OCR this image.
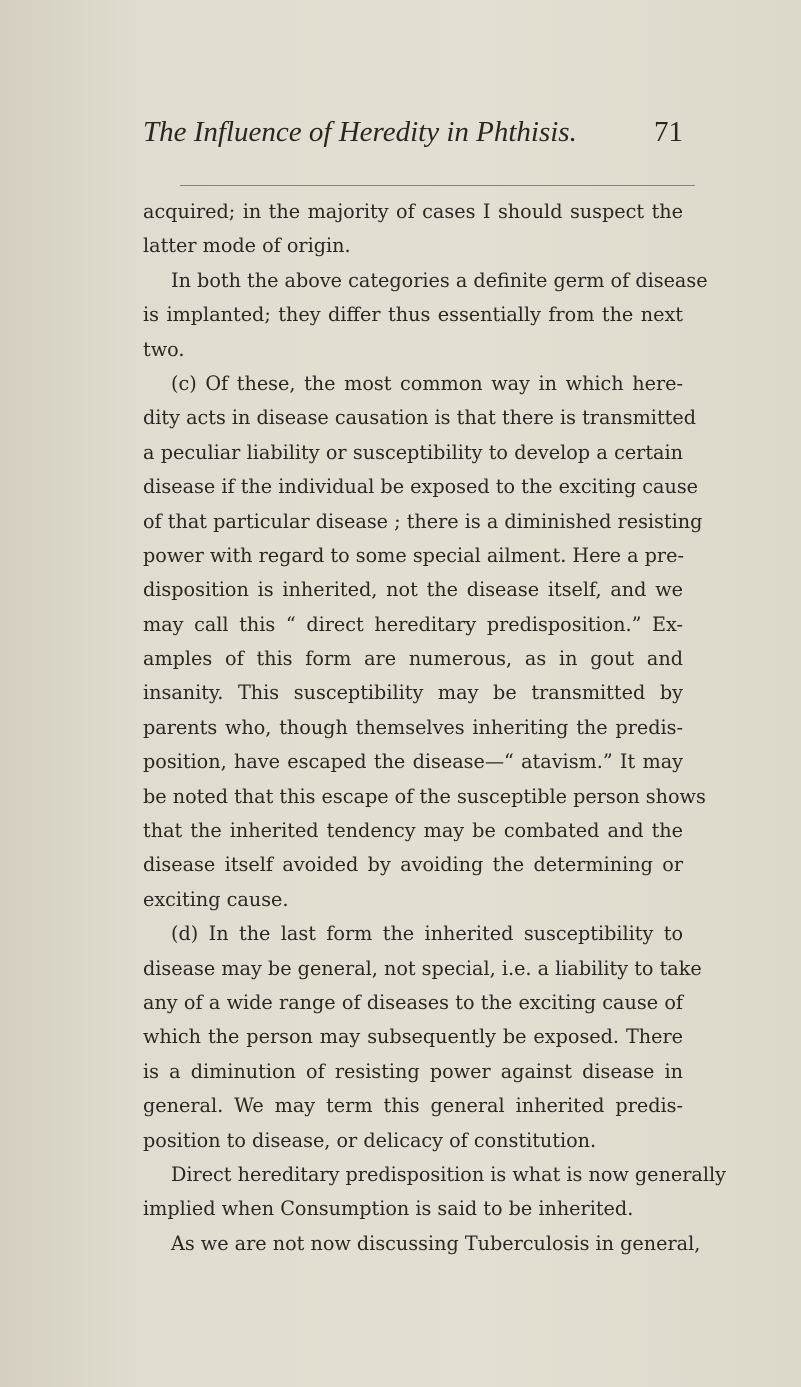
The Influence of Heredity in Phthisis.	71
acquired; in the majority of cases I should suspect the
latter mode of origin.
In both the above categories a definite germ of disease
is implanted; they differ thus essentially from the next
two.
(c) Of these, the most common way in which here-
dity acts in disease causation is that there is transmitted
a peculiar liability or susceptibility to develop a certain
disease if the individual be exposed to the exciting cause
of that particular disease ; there is a diminished resisting
power with regard to some special ailment. Here a pre-
disposition is inherited, not the disease itself, and we
may call this “ direct hereditary predisposition.” Ex-
amples of this form are numerous, as in gout and
insanity. This susceptibility may be transmitted by
parents who, though themselves inheriting the predis-
position, have escaped the disease—“ atavism.” It may
be noted that this escape of the susceptible person shows
that the inherited tendency may be combated and the
disease itself avoided by avoiding the determining or
exciting cause.
(d) In the last form the inherited susceptibility to
disease may be general, not special, i.e. a liability to take
any of a wide range of diseases to the exciting cause of
which the person may subsequently be exposed. There
is a diminution of resisting power against disease in
general. We may term this general inherited predis-
position to disease, or delicacy of constitution.
Direct hereditary predisposition is what is now generally
implied when Consumption is said to be inherited.
As we are not now discussing Tuberculosis in general,
